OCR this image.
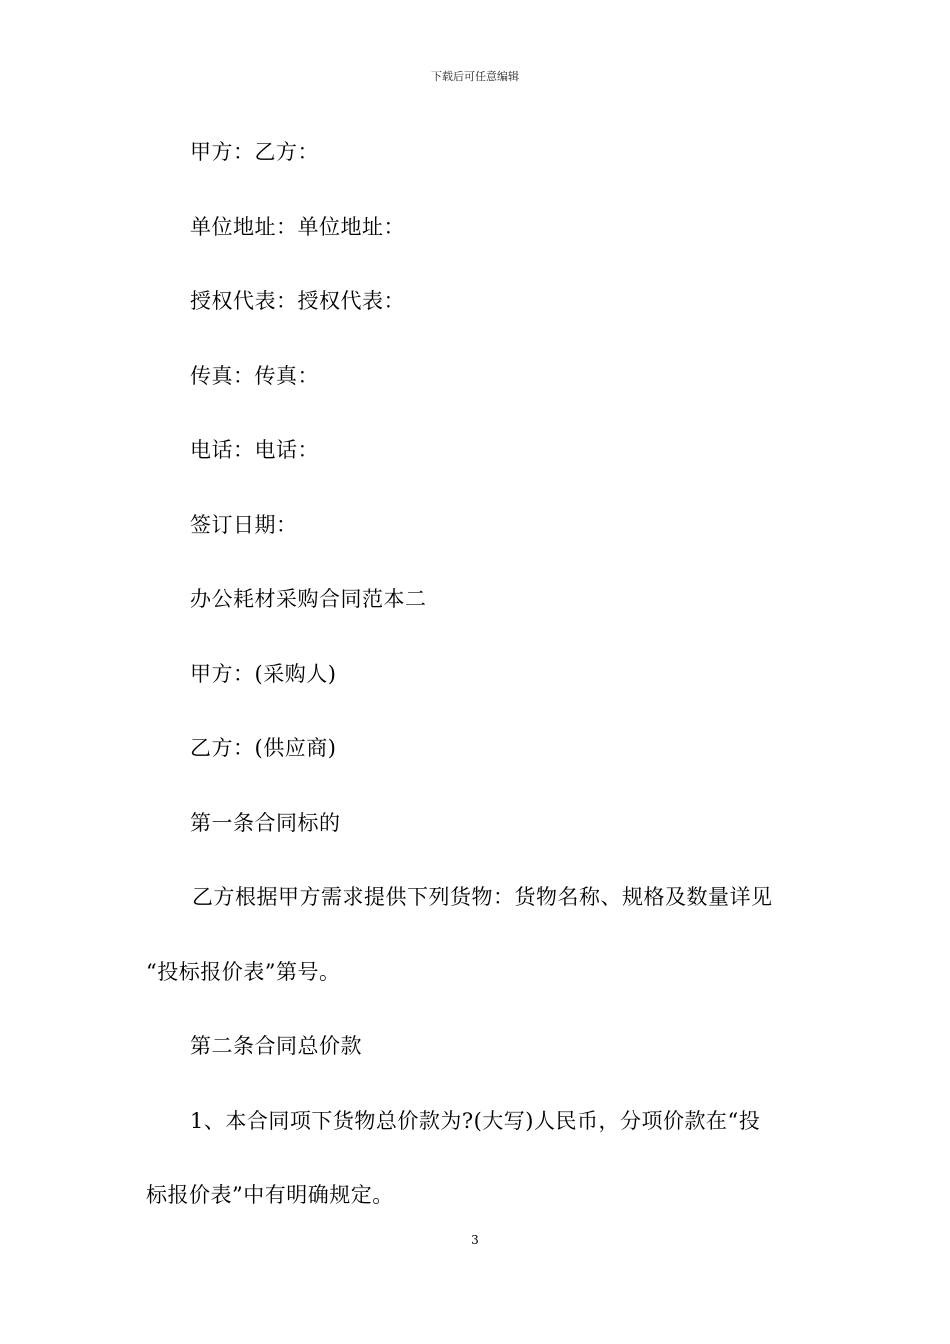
下载后可任意编辑
甲方：乙方：
单位地址：单位地址：
授权代表：授权代表：
传真：传真：
电话：电话：
签订日期：
办公耗材采购合同范本二
甲方：(采购人)
乙方：(供应商)
第一条合同标的
乙方根据甲方需求提供下列货物：货物名称、规格及数量详见
“投标报价表”第号。
第二条合同总价款
1、本合同项下货物总价款为?(大写)人民币，分项价款在“投
标报价表”中有明确规定。
3
